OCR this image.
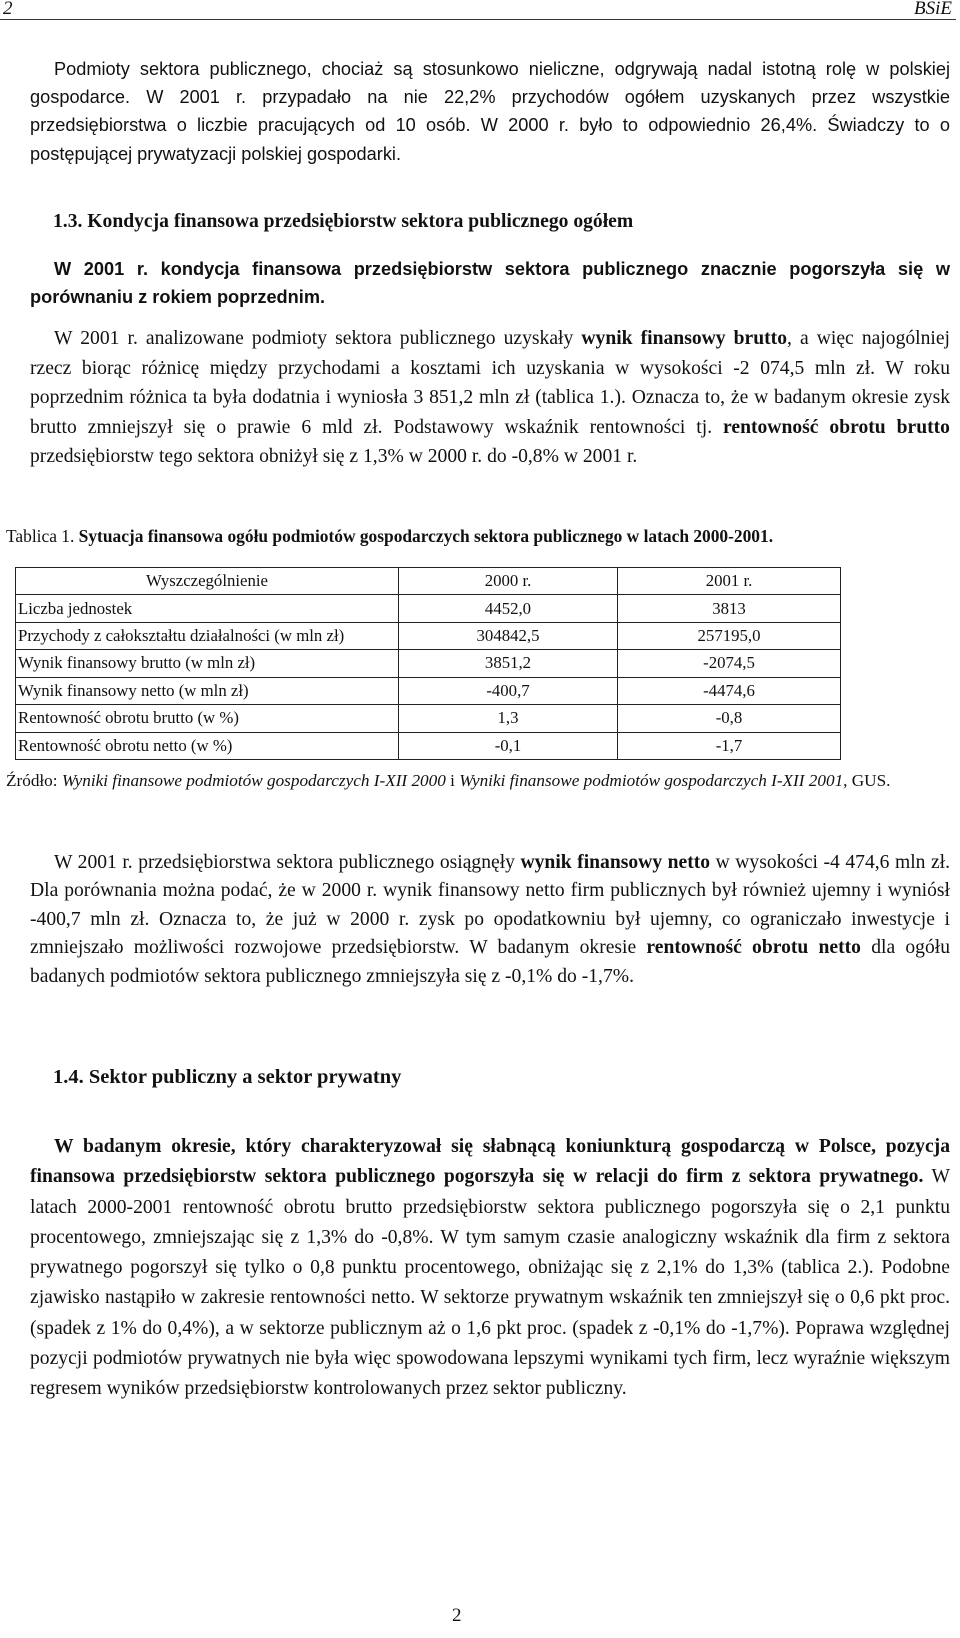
2	BSiE

Podmioty sektora publicznego, chociaż są stosunkowo nieliczne, odgrywają nadal istotną rolę w polskiej gospodarce. W 2001 r. przypadało na nie 22,2% przychodów ogółem uzyskanych przez wszystkie przedsiębiorstwa o liczbie pracujących od 10 osób. W 2000 r. było to odpowiednio 26,4%. Świadczy to o postępującej prywatyzacji polskiej gospodarki.

1.3. Kondycja finansowa przedsiębiorstw sektora publicznego ogółem

W 2001 r. kondycja finansowa przedsiębiorstw sektora publicznego znacznie pogorszyła się w porównaniu z rokiem poprzednim.

W 2001 r. analizowane podmioty sektora publicznego uzyskały wynik finansowy brutto, a więc najogólniej rzecz biorąc różnicę między przychodami a kosztami ich uzyskania w wysokości -2 074,5 mln zł. W roku poprzednim różnica ta była dodatnia i wyniosła 3 851,2 mln zł (tablica 1.). Oznacza to, że w badanym okresie zysk brutto zmniejszył się o prawie 6 mld zł. Podstawowy wskaźnik rentowności tj. rentowność obrotu brutto przedsiębiorstw tego sektora obniżył się z 1,3% w 2000 r. do -0,8% w 2001 r.

Tablica 1. Sytuacja finansowa ogółu podmiotów gospodarczych sektora publicznego w latach 2000-2001.
Wyszczególnienie	2000 r.	2001 r.
Liczba jednostek	4452,0	3813
Przychody z całokształtu działalności (w mln zł)	304842,5	257195,0
Wynik finansowy brutto (w mln zł)	3851,2	-2074,5
Wynik finansowy netto (w mln zł)	-400,7	-4474,6
Rentowność obrotu brutto (w %)	1,3	-0,8
Rentowność obrotu netto (w %)	-0,1	-1,7
Źródło: Wyniki finansowe podmiotów gospodarczych I-XII 2000 i Wyniki finansowe podmiotów gospodarczych I-XII 2001, GUS.

W 2001 r. przedsiębiorstwa sektora publicznego osiągnęły wynik finansowy netto w wysokości -4 474,6 mln zł. Dla porównania można podać, że w 2000 r. wynik finansowy netto firm publicznych był również ujemny i wyniósł -400,7 mln zł. Oznacza to, że już w 2000 r. zysk po opodatkowniu był ujemny, co ograniczało inwestycje i zmniejszało możliwości rozwojowe przedsiębiorstw. W badanym okresie rentowność obrotu netto dla ogółu badanych podmiotów sektora publicznego zmniejszyła się z -0,1% do -1,7%.

1.4. Sektor publiczny a sektor prywatny

W badanym okresie, który charakteryzował się słabnącą koniunkturą gospodarczą w Polsce, pozycja finansowa przedsiębiorstw sektora publicznego pogorszyła się w relacji do firm z sektora prywatnego. W latach 2000-2001 rentowność obrotu brutto przedsiębiorstw sektora publicznego pogorszyła się o 2,1 punktu procentowego, zmniejszając się z 1,3% do -0,8%. W tym samym czasie analogiczny wskaźnik dla firm z sektora prywatnego pogorszył się tylko o 0,8 punktu procentowego, obniżając się z 2,1% do 1,3% (tablica 2.). Podobne zjawisko nastąpiło w zakresie rentowności netto. W sektorze prywatnym wskaźnik ten zmniejszył się o 0,6 pkt proc. (spadek z 1% do 0,4%), a w sektorze publicznym aż o 1,6 pkt proc. (spadek z -0,1% do -1,7%). Poprawa względnej pozycji podmiotów prywatnych nie była więc spowodowana lepszymi wynikami tych firm, lecz wyraźnie większym regresem wyników przedsiębiorstw kontrolowanych przez sektor publiczny.

2
